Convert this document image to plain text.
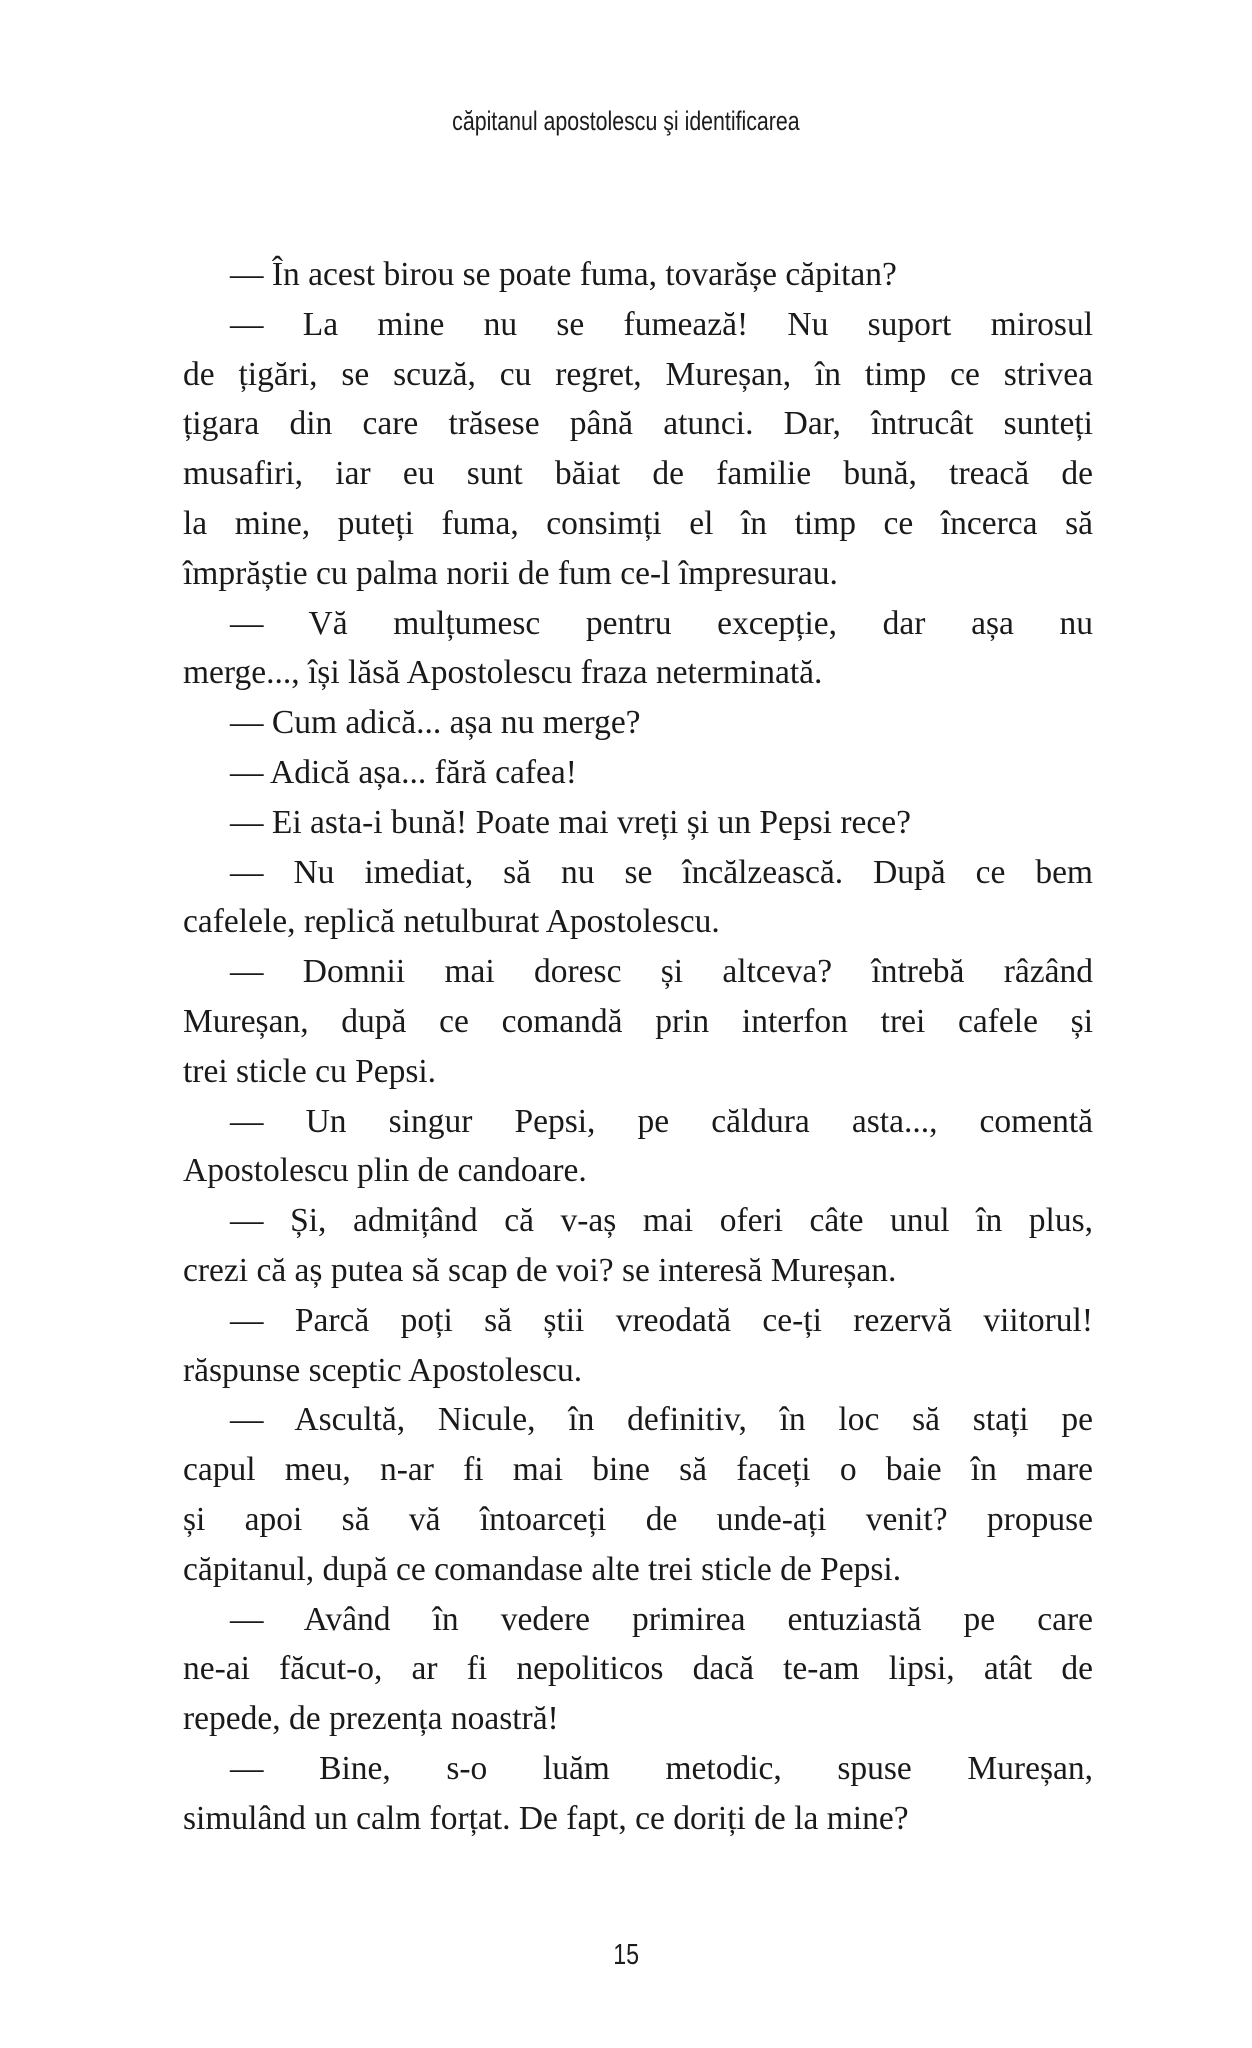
căpitanul apostolescu şi identificarea
— În acest birou se poate fuma, tovarășe căpitan?
— La mine nu se fumează! Nu suport mirosul
de țigări, se scuză, cu regret, Mureșan, în timp ce strivea
țigara din care trăsese până atunci. Dar, întrucât sunteți
musafiri, iar eu sunt băiat de familie bună, treacă de
la mine, puteți fuma, consimți el în timp ce încerca să
împrăștie cu palma norii de fum ce-l împresurau.
— Vă mulțumesc pentru excepție, dar așa nu
merge..., își lăsă Apostolescu fraza neterminată.
— Cum adică... așa nu merge?
— Adică așa... fără cafea!
— Ei asta-i bună! Poate mai vreți și un Pepsi rece?
— Nu imediat, să nu se încălzească. După ce bem
cafelele, replică netulburat Apostolescu.
— Domnii mai doresc și altceva? întrebă râzând
Mureșan, după ce comandă prin interfon trei cafele și
trei sticle cu Pepsi.
— Un singur Pepsi, pe căldura asta..., comentă
Apostolescu plin de candoare.
— Și, admițând că v-aș mai oferi câte unul în plus,
crezi că aș putea să scap de voi? se interesă Mureșan.
— Parcă poți să știi vreodată ce-ți rezervă viitorul!
răspunse sceptic Apostolescu.
— Ascultă, Nicule, în definitiv, în loc să stați pe
capul meu, n-ar fi mai bine să faceți o baie în mare
și apoi să vă întoarceți de unde-ați venit? propuse
căpitanul, după ce comandase alte trei sticle de Pepsi.
— Având în vedere primirea entuziastă pe care
ne-ai făcut-o, ar fi nepoliticos dacă te-am lipsi, atât de
repede, de prezența noastră!
— Bine, s-o luăm metodic, spuse Mureșan,
simulând un calm forțat. De fapt, ce doriți de la mine?
15
